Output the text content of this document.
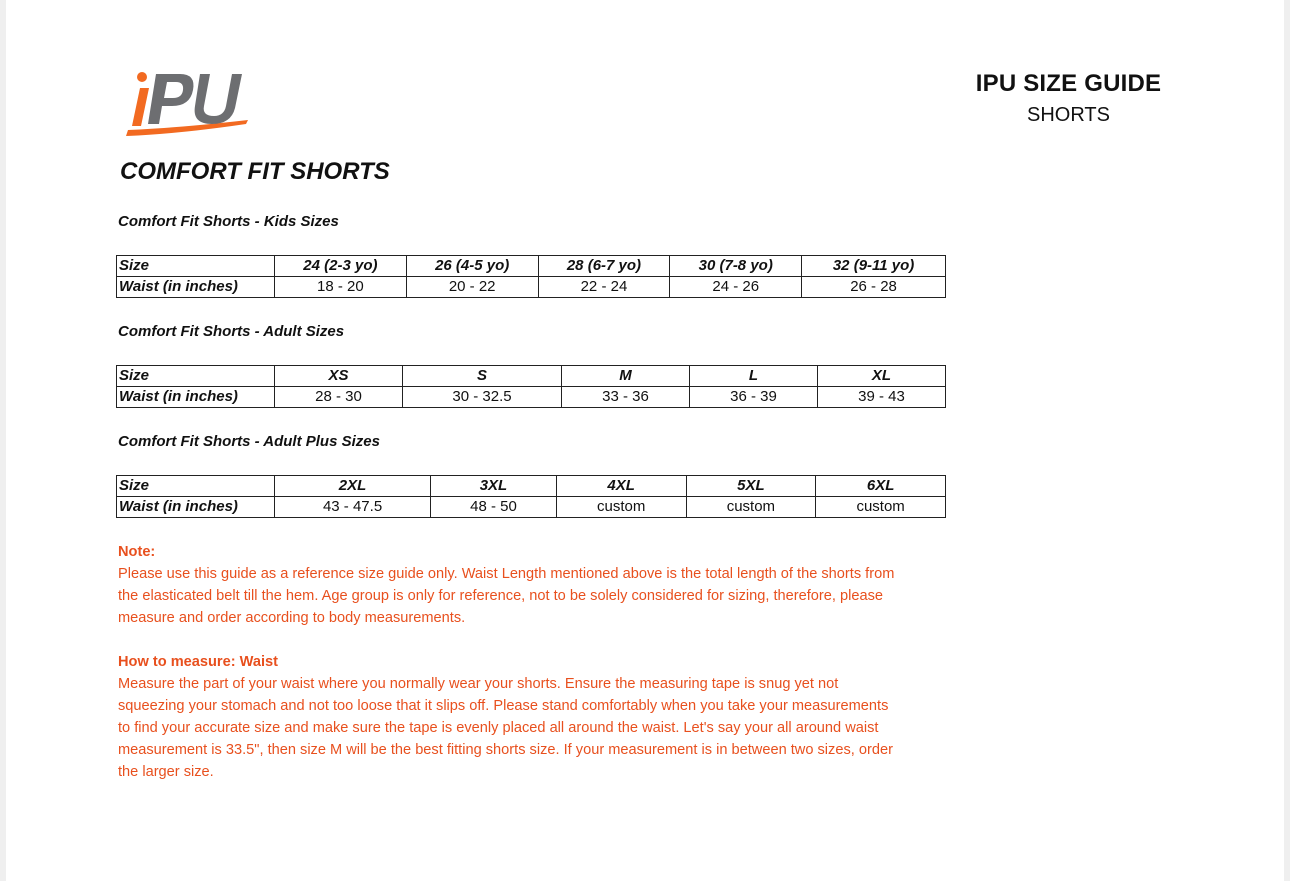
IPU SIZE GUIDE
SHORTS
COMFORT FIT SHORTS
Comfort Fit Shorts - Kids Sizes
Size	24 (2-3 yo)	26 (4-5 yo)	28 (6-7 yo)	30 (7-8 yo)	32 (9-11 yo)
Waist (in inches)	18 - 20	20 - 22	22 - 24	24 - 26	26 - 28
Comfort Fit Shorts - Adult Sizes
Size	XS	S	M	L	XL
Waist (in inches)	28 - 30	30 - 32.5	33 - 36	36 - 39	39 - 43
Comfort Fit Shorts - Adult Plus Sizes
Size	2XL	3XL	4XL	5XL	6XL
Waist (in inches)	43 - 47.5	48 - 50	custom	custom	custom
Note:
Please use this guide as a reference size guide only. Waist Length mentioned above is the total length of the shorts from
the elasticated belt till the hem. Age group is only for reference, not to be solely considered for sizing, therefore, please
measure and order according to body measurements.
How to measure: Waist
Measure the part of your waist where you normally wear your shorts. Ensure the measuring tape is snug yet not
squeezing your stomach and not too loose that it slips off. Please stand comfortably when you take your measurements
to find your accurate size and make sure the tape is evenly placed all around the waist. Let's say your all around waist
measurement is 33.5", then size M will be the best fitting shorts size. If your measurement is in between two sizes, order
the larger size.
